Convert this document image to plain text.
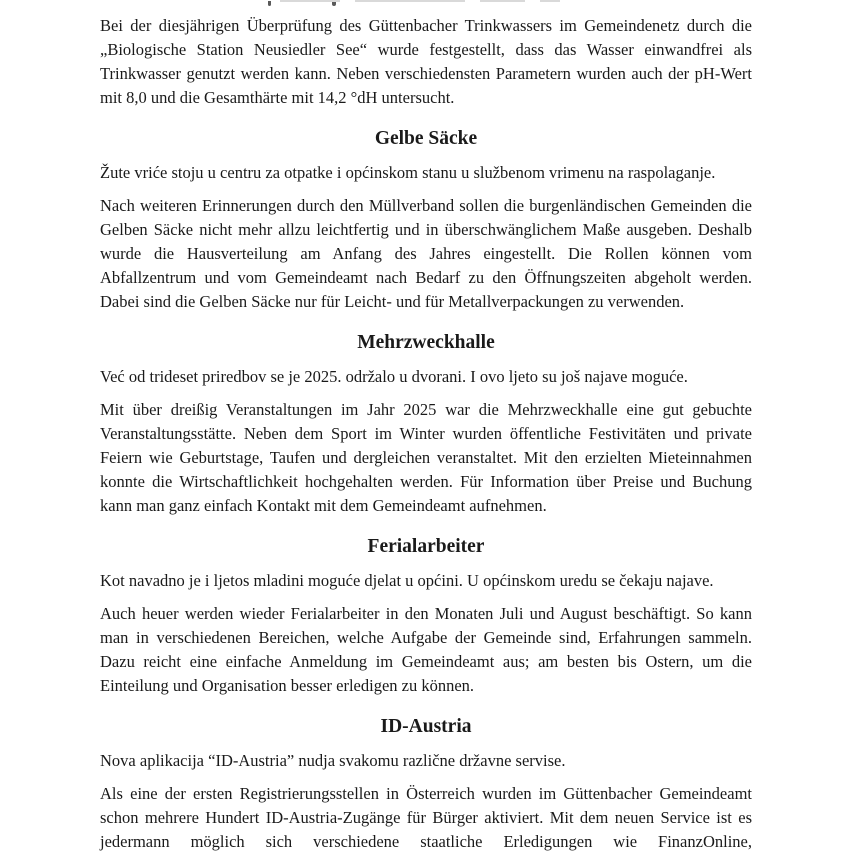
Bei der diesjährigen Überprüfung des Güttenbacher Trinkwassers im Gemeindenetz durch die „Biologische Station Neusiedler See“ wurde festgestellt, dass das Wasser einwandfrei als Trinkwasser genutzt werden kann. Neben verschiedensten Parametern wurden auch der pH-Wert mit 8,0 und die Gesamthärte mit 14,2 °dH untersucht.

Gelbe Säcke

Žute vriće stoju u centru za otpatke i općinskom stanu u službenom vrimenu na raspolaganje.

Nach weiteren Erinnerungen durch den Müllverband sollen die burgenländischen Gemeinden die Gelben Säcke nicht mehr allzu leichtfertig und in überschwänglichem Maße ausgeben. Deshalb wurde die Hausverteilung am Anfang des Jahres eingestellt. Die Rollen können vom Abfallzentrum und vom Gemeindeamt nach Bedarf zu den Öffnungszeiten abgeholt werden. Dabei sind die Gelben Säcke nur für Leicht- und für Metallverpackungen zu verwenden.

Mehrzweckhalle

Već od trideset priredbov se je 2025. održalo u dvorani. I ovo ljeto su još najave moguće.

Mit über dreißig Veranstaltungen im Jahr 2025 war die Mehrzweckhalle eine gut gebuchte Veranstaltungsstätte. Neben dem Sport im Winter wurden öffentliche Festivitäten und private Feiern wie Geburtstage, Taufen und dergleichen veranstaltet. Mit den erzielten Mieteinnahmen konnte die Wirtschaftlichkeit hochgehalten werden. Für Information über Preise und Buchung kann man ganz einfach Kontakt mit dem Gemeindeamt aufnehmen.

Ferialarbeiter

Kot navadno je i ljetos mladini moguće djelat u općini. U općinskom uredu se čekaju najave.

Auch heuer werden wieder Ferialarbeiter in den Monaten Juli und August beschäftigt. So kann man in verschiedenen Bereichen, welche Aufgabe der Gemeinde sind, Erfahrungen sammeln. Dazu reicht eine einfache Anmeldung im Gemeindeamt aus; am besten bis Ostern, um die Einteilung und Organisation besser erledigen zu können.

ID-Austria

Nova aplikacija “ID-Austria” nudja svakomu različne državne servise.

Als eine der ersten Registrierungsstellen in Österreich wurden im Güttenbacher Gemeindeamt schon mehrere Hundert ID-Austria-Zugänge für Bürger aktiviert. Mit dem neuen Service ist es jedermann möglich sich verschiedene staatliche Erledigungen wie FinanzOnline,
